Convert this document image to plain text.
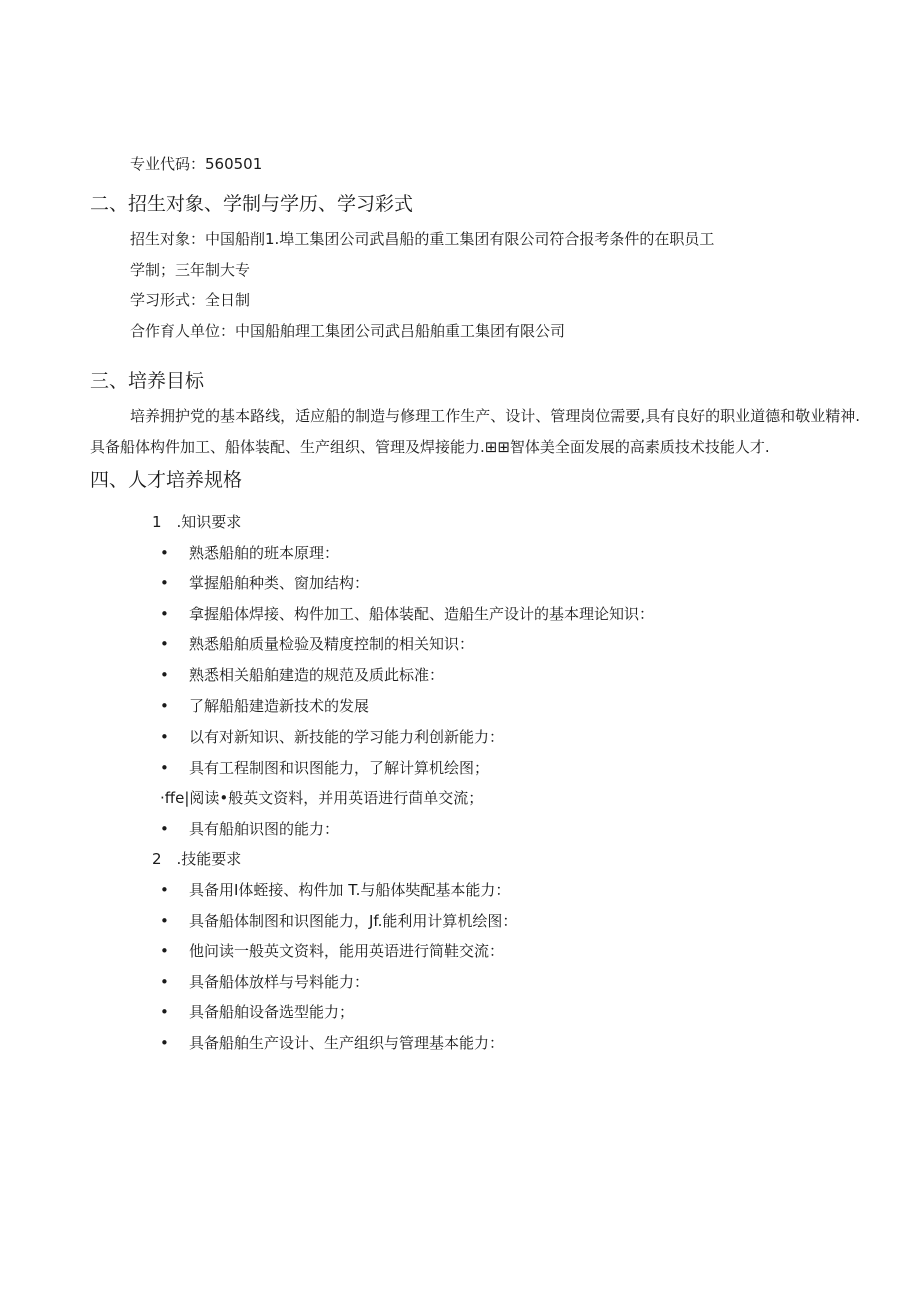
专业代码：560501
二、招生对象、学制与学历、学习彩式
招生对象：中国船削1.埠工集团公司武昌船的重工集团有限公司符合报考条件的在职员工
学制；三年制大专
学习形式：全日制
合作育人单位：中国船舶理工集团公司武吕船舶重工集团有限公司
三、培养目标
培养拥护党的基本路线，适应船的制造与修理工作生产、设计、管理岗位需要,具有良好的职业道德和敬业精神.具备船体构件加工、船体装配、生产组织、管理及焊接能力.⊞⊞智体美全面发展的高素质技术技能人才.
四、人才培养规格
1　.知识要求
• 熟悉船舶的班本原理：
• 掌握船舶种类、窗加结构：
• 拿握船体焊接、构件加工、船体装配、造船生产设计的基本理论知识：
• 熟悉船舶质量检验及精度控制的相关知识：
• 熟悉相关船舶建造的规范及质此标准：
• 了解船船建造新技术的发展
• 以有对新知识、新技能的学习能力利创新能力：
• 具有工程制图和识图能力，了解计算机绘图；
·ffe|阅读•般英文资料，并用英语进行茴单交流；
• 具有船舶识图的能力：
2　.技能要求
• 具备用I体蛭接、构件加 T.与船体奘配基本能力：
• 具备船体制图和识图能力，Jf.能利用计算机绘图：
• 他问读一般英文资料，能用英语进行简鞋交流：
• 具备船体放样与号料能力：
• 具备船舶设备选型能力；
• 具备船舶生产设计、生产组织与管理基本能力：
